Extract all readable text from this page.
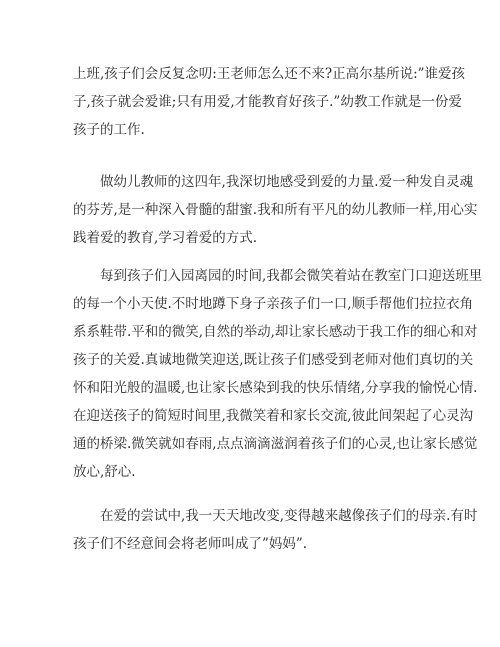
上班,孩子们会反复念叨:王老师怎么还不来?正高尔基所说:”谁爱孩
子,孩子就会爱谁;只有用爱,才能教育好孩子.”幼教工作就是一份爱
孩子的工作.
做幼儿教师的这四年,我深切地感受到爱的力量.爱一种发自灵魂
的芬芳,是一种深入骨髓的甜蜜.我和所有平凡的幼儿教师一样,用心实
践着爱的教育,学习着爱的方式.
每到孩子们入园离园的时间,我都会微笑着站在教室门口迎送班里
的每一个小天使.不时地蹲下身子亲孩子们一口,顺手帮他们拉拉衣角
系系鞋带.平和的微笑,自然的举动,却让家长感动于我工作的细心和对
孩子的关爱.真诚地微笑迎送,既让孩子们感受到老师对他们真切的关
怀和阳光般的温暖,也让家长感染到我的快乐情绪,分享我的愉悦心情.
在迎送孩子的简短时间里,我微笑着和家长交流,彼此间架起了心灵沟
通的桥梁.微笑就如春雨,点点滴滴滋润着孩子们的心灵,也让家长感觉
放心,舒心.
在爱的尝试中,我一天天地改变,变得越来越像孩子们的母亲.有时
孩子们不经意间会将老师叫成了”妈妈”.
